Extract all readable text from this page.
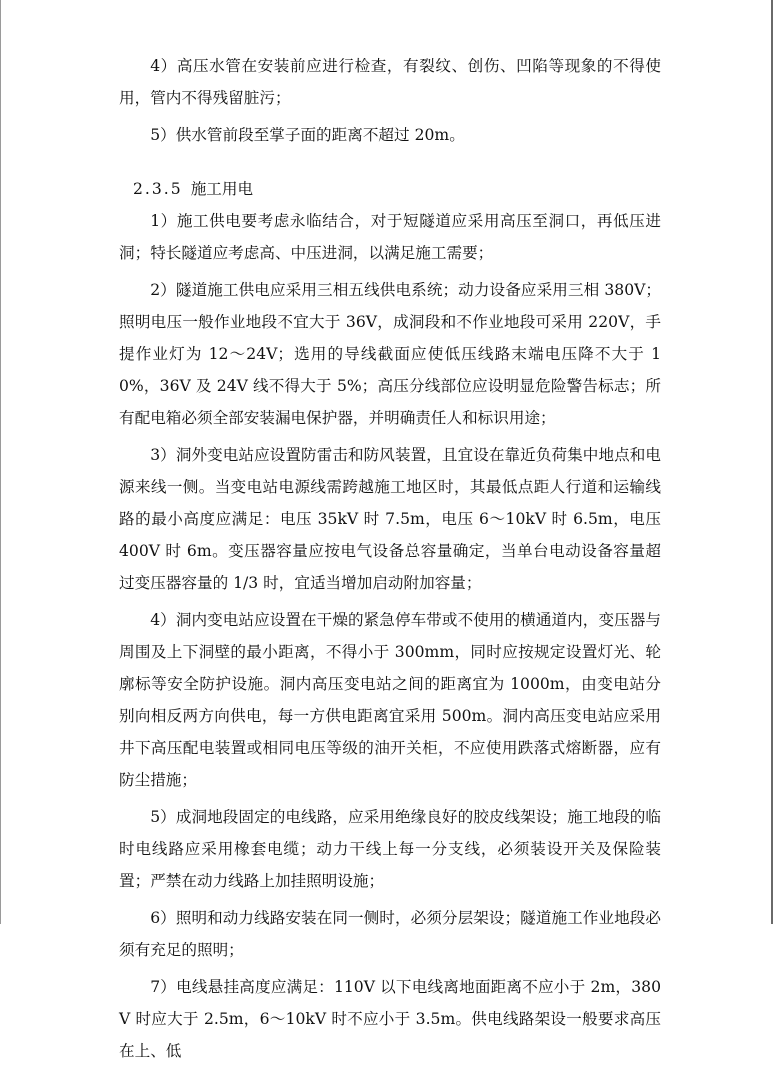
4）高压水管在安装前应进行检查，有裂纹、创伤、凹陷等现象的不得使用，管内不得残留脏污；

5）供水管前段至掌子面的距离不超过 20m。

2.3.5 施工用电

1）施工供电要考虑永临结合，对于短隧道应采用高压至洞口，再低压进洞；特长隧道应考虑高、中压进洞，以满足施工需要；

2）隧道施工供电应采用三相五线供电系统；动力设备应采用三相 380V；照明电压一般作业地段不宜大于 36V，成洞段和不作业地段可采用 220V，手提作业灯为 12～24V；选用的导线截面应使低压线路末端电压降不大于 10%，36V 及 24V 线不得大于 5%；高压分线部位应设明显危险警告标志；所有配电箱必须全部安装漏电保护器，并明确责任人和标识用途；

3）洞外变电站应设置防雷击和防风装置，且宜设在靠近负荷集中地点和电源来线一侧。当变电站电源线需跨越施工地区时，其最低点距人行道和运输线路的最小高度应满足：电压 35kV 时 7.5m，电压 6～10kV 时 6.5m，电压 400V 时 6m。变压器容量应按电气设备总容量确定，当单台电动设备容量超过变压器容量的 1/3 时，宜适当增加启动附加容量；

4）洞内变电站应设置在干燥的紧急停车带或不使用的横通道内，变压器与周围及上下洞壁的最小距离，不得小于 300mm，同时应按规定设置灯光、轮廓标等安全防护设施。洞内高压变电站之间的距离宜为 1000m，由变电站分别向相反两方向供电，每一方供电距离宜采用 500m。洞内高压变电站应采用井下高压配电装置或相同电压等级的油开关柜，不应使用跌落式熔断器，应有防尘措施；

5）成洞地段固定的电线路，应采用绝缘良好的胶皮线架设；施工地段的临时电线路应采用橡套电缆；动力干线上每一分支线，必须装设开关及保险装置；严禁在动力线路上加挂照明设施；

6）照明和动力线路安装在同一侧时，必须分层架设；隧道施工作业地段必须有充足的照明；

7）电线悬挂高度应满足：110V 以下电线离地面距离不应小于 2m，380V 时应大于 2.5m，6～10kV 时不应小于 3.5m。供电线路架设一般要求高压在上、低
